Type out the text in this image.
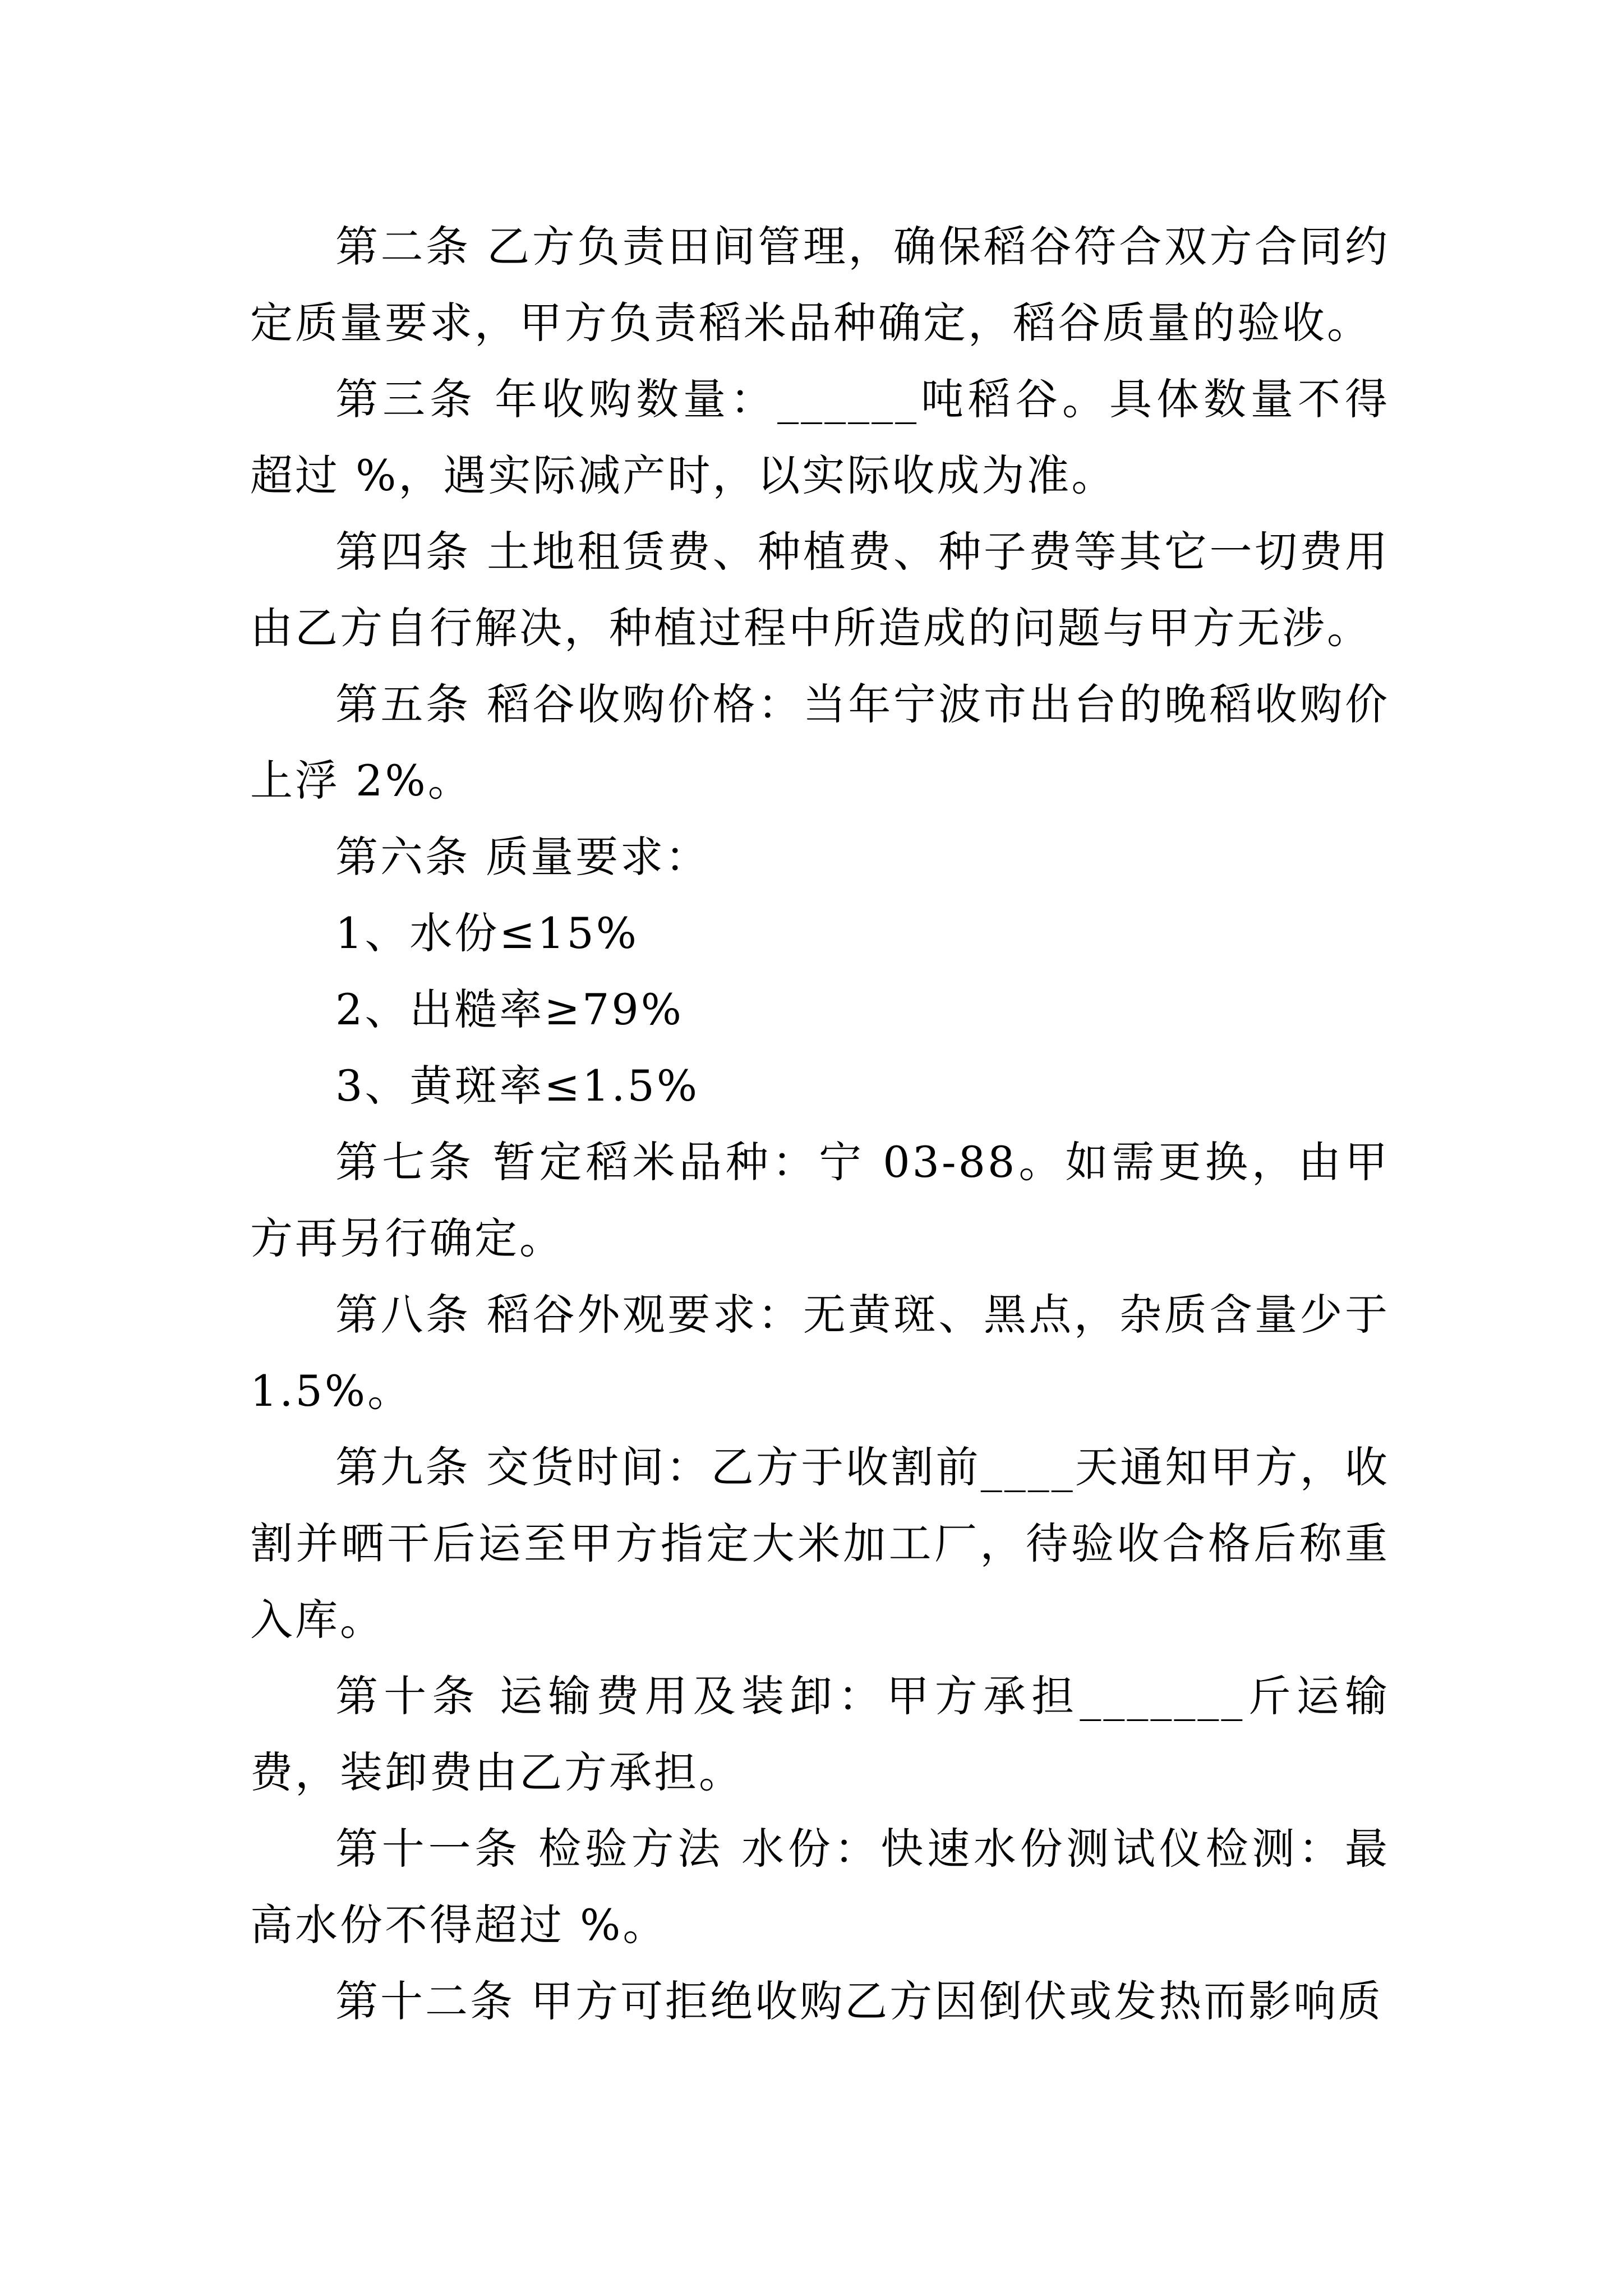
第二条 乙方负责田间管理，确保稻谷符合双方合同约定质量要求，甲方负责稻米品种确定，稻谷质量的验收。

第三条 年收购数量：______吨稻谷。具体数量不得超过 %，遇实际减产时，以实际收成为准。

第四条 土地租赁费、种植费、种子费等其它一切费用由乙方自行解决，种植过程中所造成的问题与甲方无涉。

第五条 稻谷收购价格：当年宁波市出台的晚稻收购价上浮 2%。

第六条 质量要求：

1、水份≤15%

2、出糙率≥79%

3、黄斑率≤1.5%

第七条 暂定稻米品种：宁 03-88。如需更换，由甲方再另行确定。

第八条 稻谷外观要求：无黄斑、黑点，杂质含量少于1.5%。

第九条 交货时间：乙方于收割前____天通知甲方，收割并晒干后运至甲方指定大米加工厂，待验收合格后称重入库。

第十条 运输费用及装卸：甲方承担_______斤运输费，装卸费由乙方承担。

第十一条 检验方法 水份：快速水份测试仪检测：最高水份不得超过 %。

第十二条 甲方可拒绝收购乙方因倒伏或发热而影响质
